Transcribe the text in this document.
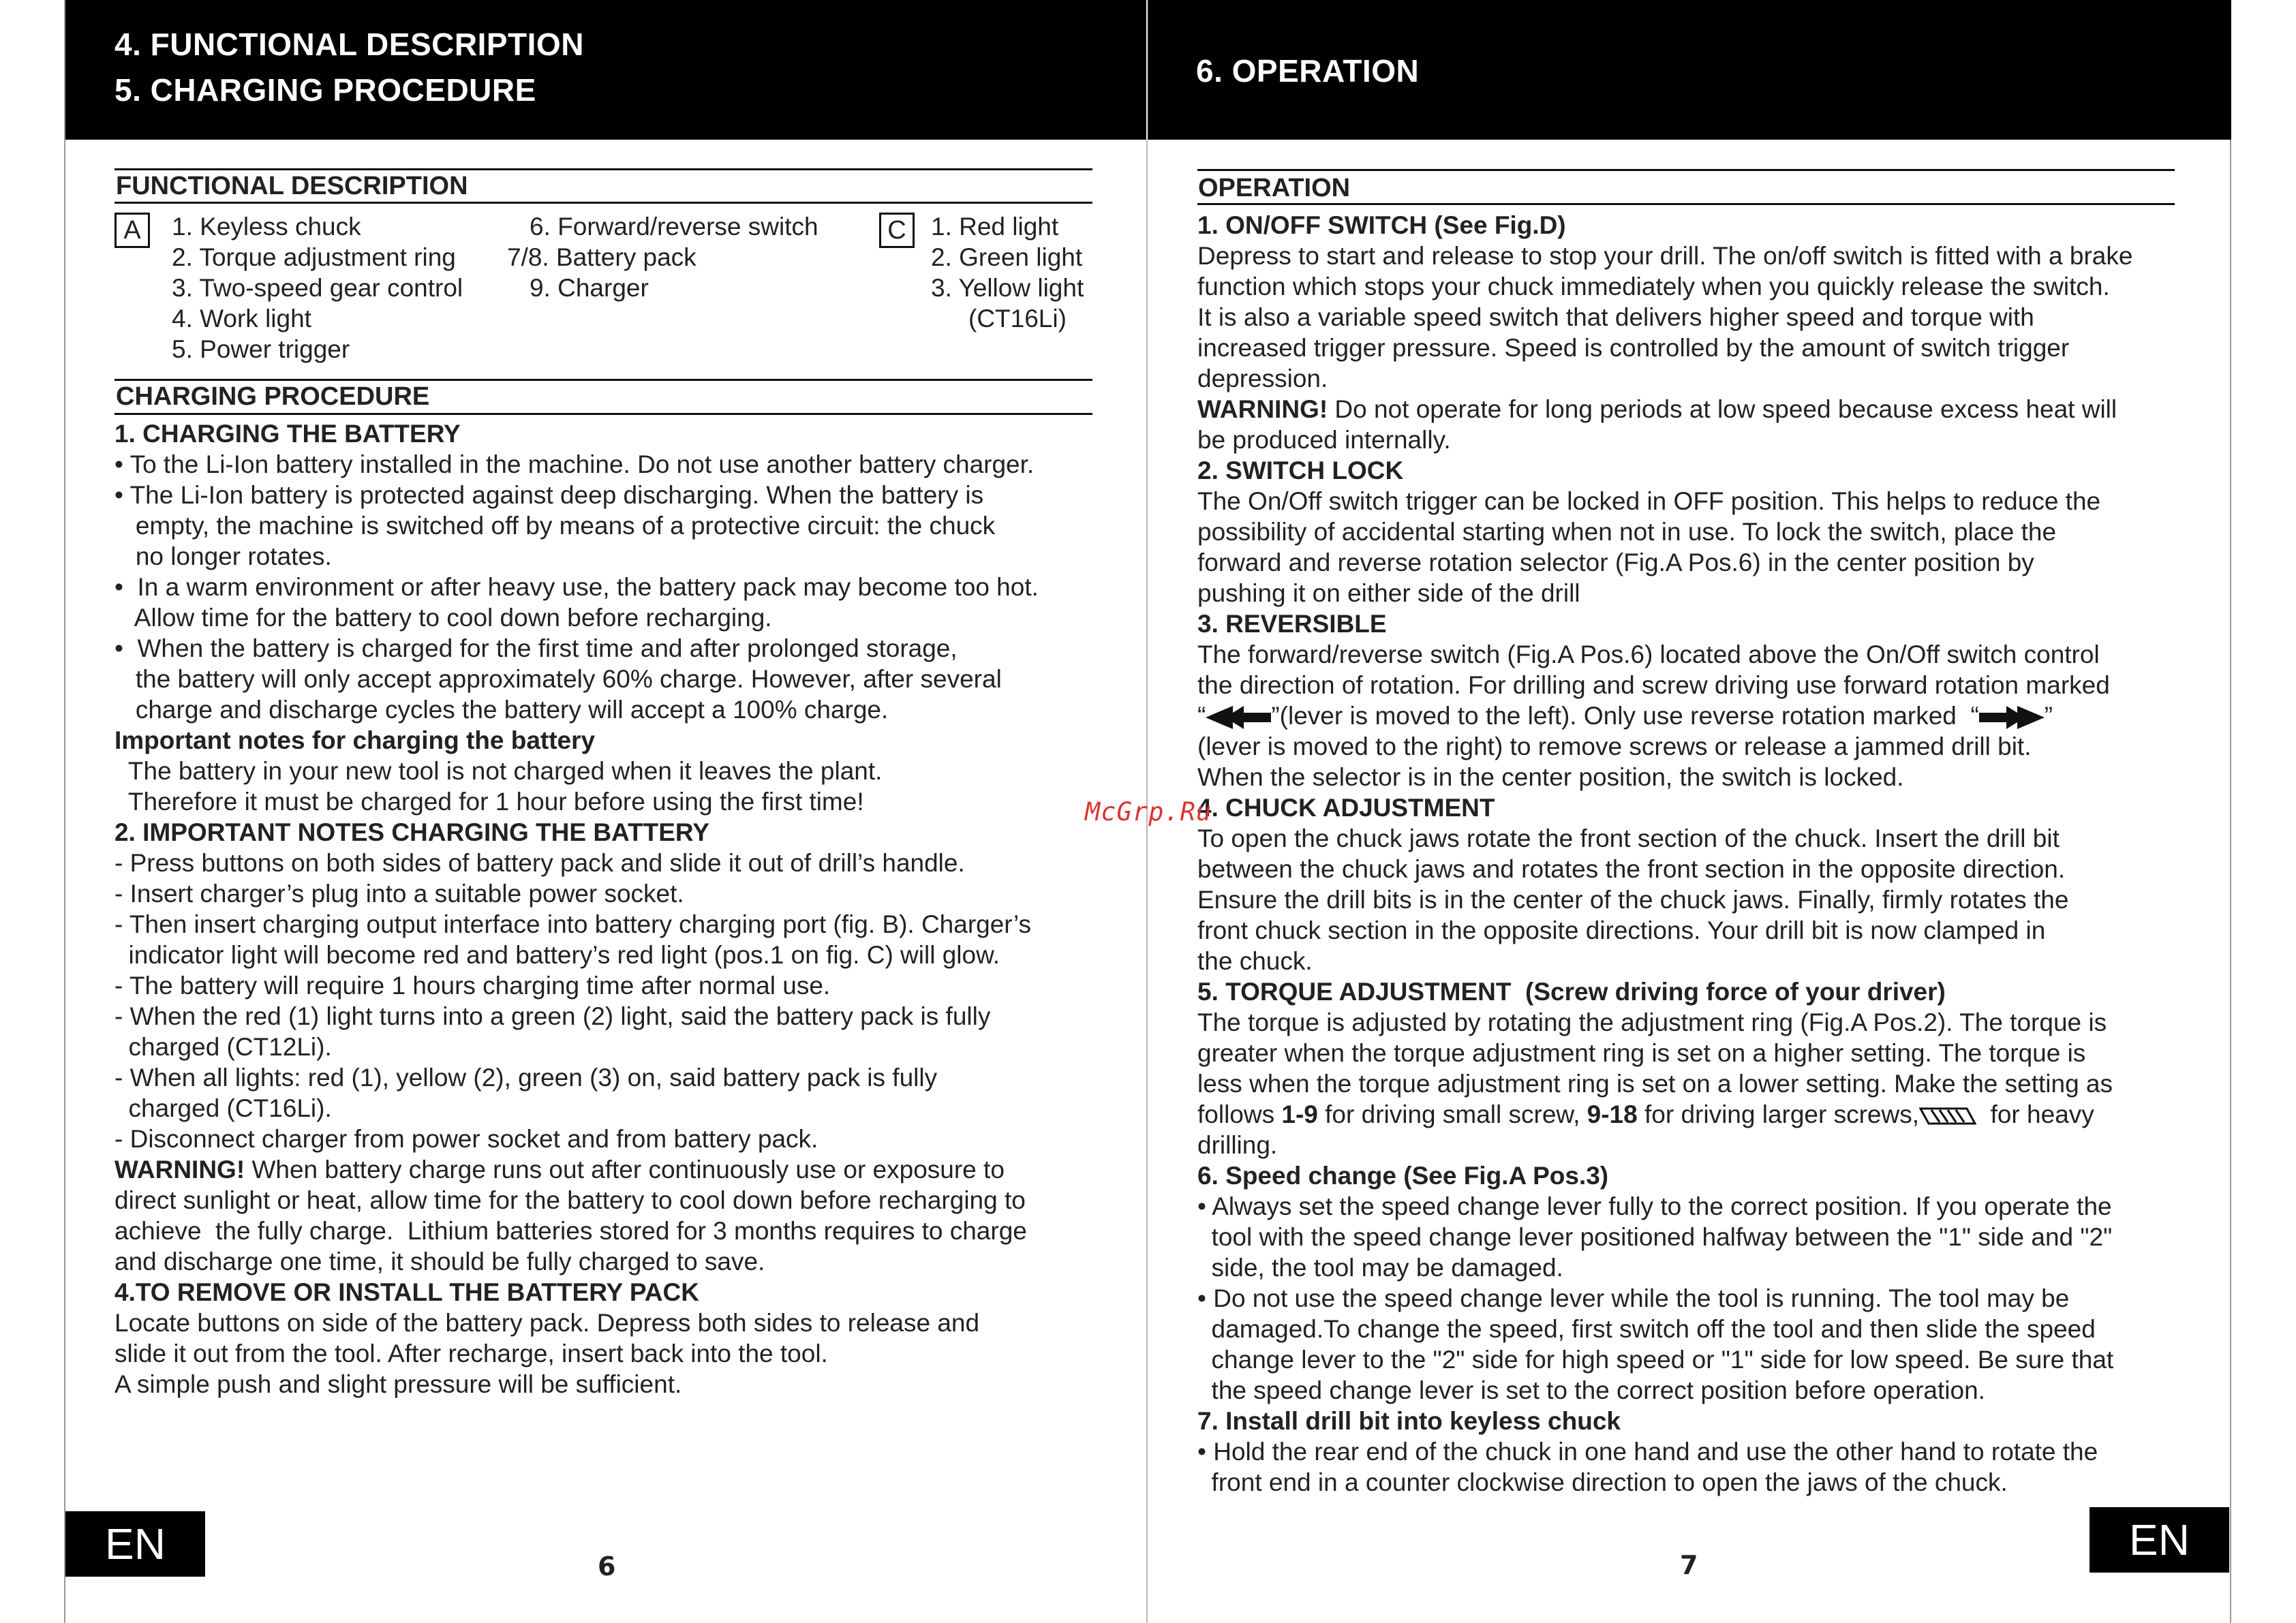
4. FUNCTIONAL DESCRIPTION
5. CHARGING PROCEDURE
6. OPERATION
FUNCTIONAL DESCRIPTION
A	1. Keyless chuck
2. Torque adjustment ring
3. Two-speed gear control
4. Work light
5. Power trigger
6. Forward/reverse switch
7/8. Battery pack
9. Charger
C 1. Red light
2. Green light
3. Yellow light
(CT16Li)
CHARGING PROCEDURE
1. CHARGING THE BATTERY
• To the Li-Ion battery installed in the machine. Do not use another battery charger.
• The Li-Ion battery is protected against deep discharging. When the battery is
empty, the machine is switched off by means of a protective circuit: the chuck
no longer rotates.
•  In a warm environment or after heavy use, the battery pack may become too hot.
Allow time for the battery to cool down before recharging.
•  When the battery is charged for the first time and after prolonged storage,
the battery will only accept approximately 60% charge. However, after several
charge and discharge cycles the battery will accept a 100% charge.
Important notes for charging the battery
The battery in your new tool is not charged when it leaves the plant.
Therefore it must be charged for 1 hour before using the first time!
2. IMPORTANT NOTES CHARGING THE BATTERY
- Press buttons on both sides of battery pack and slide it out of drill’s handle.
- Insert charger’s plug into a suitable power socket.
- Then insert charging output interface into battery charging port (fig. B). Charger’s
indicator light will become red and battery’s red light (pos.1 on fig. C) will glow.
- The battery will require 1 hours charging time after normal use.
- When the red (1) light turns into a green (2) light, said the battery pack is fully
charged (CT12Li).
- When all lights: red (1), yellow (2), green (3) on, said battery pack is fully
charged (CT16Li).
- Disconnect charger from power socket and from battery pack.
WARNING! When battery charge runs out after continuously use or exposure to
direct sunlight or heat, allow time for the battery to cool down before recharging to
achieve  the fully charge.  Lithium batteries stored for 3 months requires to charge
and discharge one time, it should be fully charged to save.
4.TO REMOVE OR INSTALL THE BATTERY PACK
Locate buttons on side of the battery pack. Depress both sides to release and
slide it out from the tool. After recharge, insert back into the tool.
A simple push and slight pressure will be sufficient.
EN	6
OPERATION
1. ON/OFF SWITCH (See Fig.D)
Depress to start and release to stop your drill. The on/off switch is fitted with a brake
function which stops your chuck immediately when you quickly release the switch.
It is also a variable speed switch that delivers higher speed and torque with
increased trigger pressure. Speed is controlled by the amount of switch trigger
depression.
WARNING! Do not operate for long periods at low speed because excess heat will
be produced internally.
2. SWITCH LOCK
The On/Off switch trigger can be locked in OFF position. This helps to reduce the
possibility of accidental starting when not in use. To lock the switch, place the
forward and reverse rotation selector (Fig.A Pos.6) in the center position by
pushing it on either side of the drill
3. REVERSIBLE
The forward/reverse switch (Fig.A Pos.6) located above the On/Off switch control
the direction of rotation. For drilling and screw driving use forward rotation marked
“	”(lever is moved to the left). Only use reverse rotation marked  “	”
(lever is moved to the right) to remove screws or release a jammed drill bit.
When the selector is in the center position, the switch is locked.
4. CHUCK ADJUSTMENT
To open the chuck jaws rotate the front section of the chuck. Insert the drill bit
between the chuck jaws and rotates the front section in the opposite direction.
Ensure the drill bits is in the center of the chuck jaws. Finally, firmly rotates the
front chuck section in the opposite directions. Your drill bit is now clamped in
the chuck.
5. TORQUE ADJUSTMENT  (Screw driving force of your driver)
The torque is adjusted by rotating the adjustment ring (Fig.A Pos.2). The torque is
greater when the torque adjustment ring is set on a higher setting. The torque is
less when the torque adjustment ring is set on a lower setting. Make the setting as
follows 1-9 for driving small screw, 9-18 for driving larger screws,  for heavy
drilling.
6. Speed change (See Fig.A Pos.3)
• Always set the speed change lever fully to the correct position. If you operate the
tool with the speed change lever positioned halfway between the "1" side and "2"
side, the tool may be damaged.
• Do not use the speed change lever while the tool is running. The tool may be
damaged.To change the speed, first switch off the tool and then slide the speed
change lever to the "2" side for high speed or "1" side for low speed. Be sure that
the speed change lever is set to the correct position before operation.
7. Install drill bit into keyless chuck
• Hold the rear end of the chuck in one hand and use the other hand to rotate the
front end in a counter clockwise direction to open the jaws of the chuck.
EN
7
McGrp.Ru
